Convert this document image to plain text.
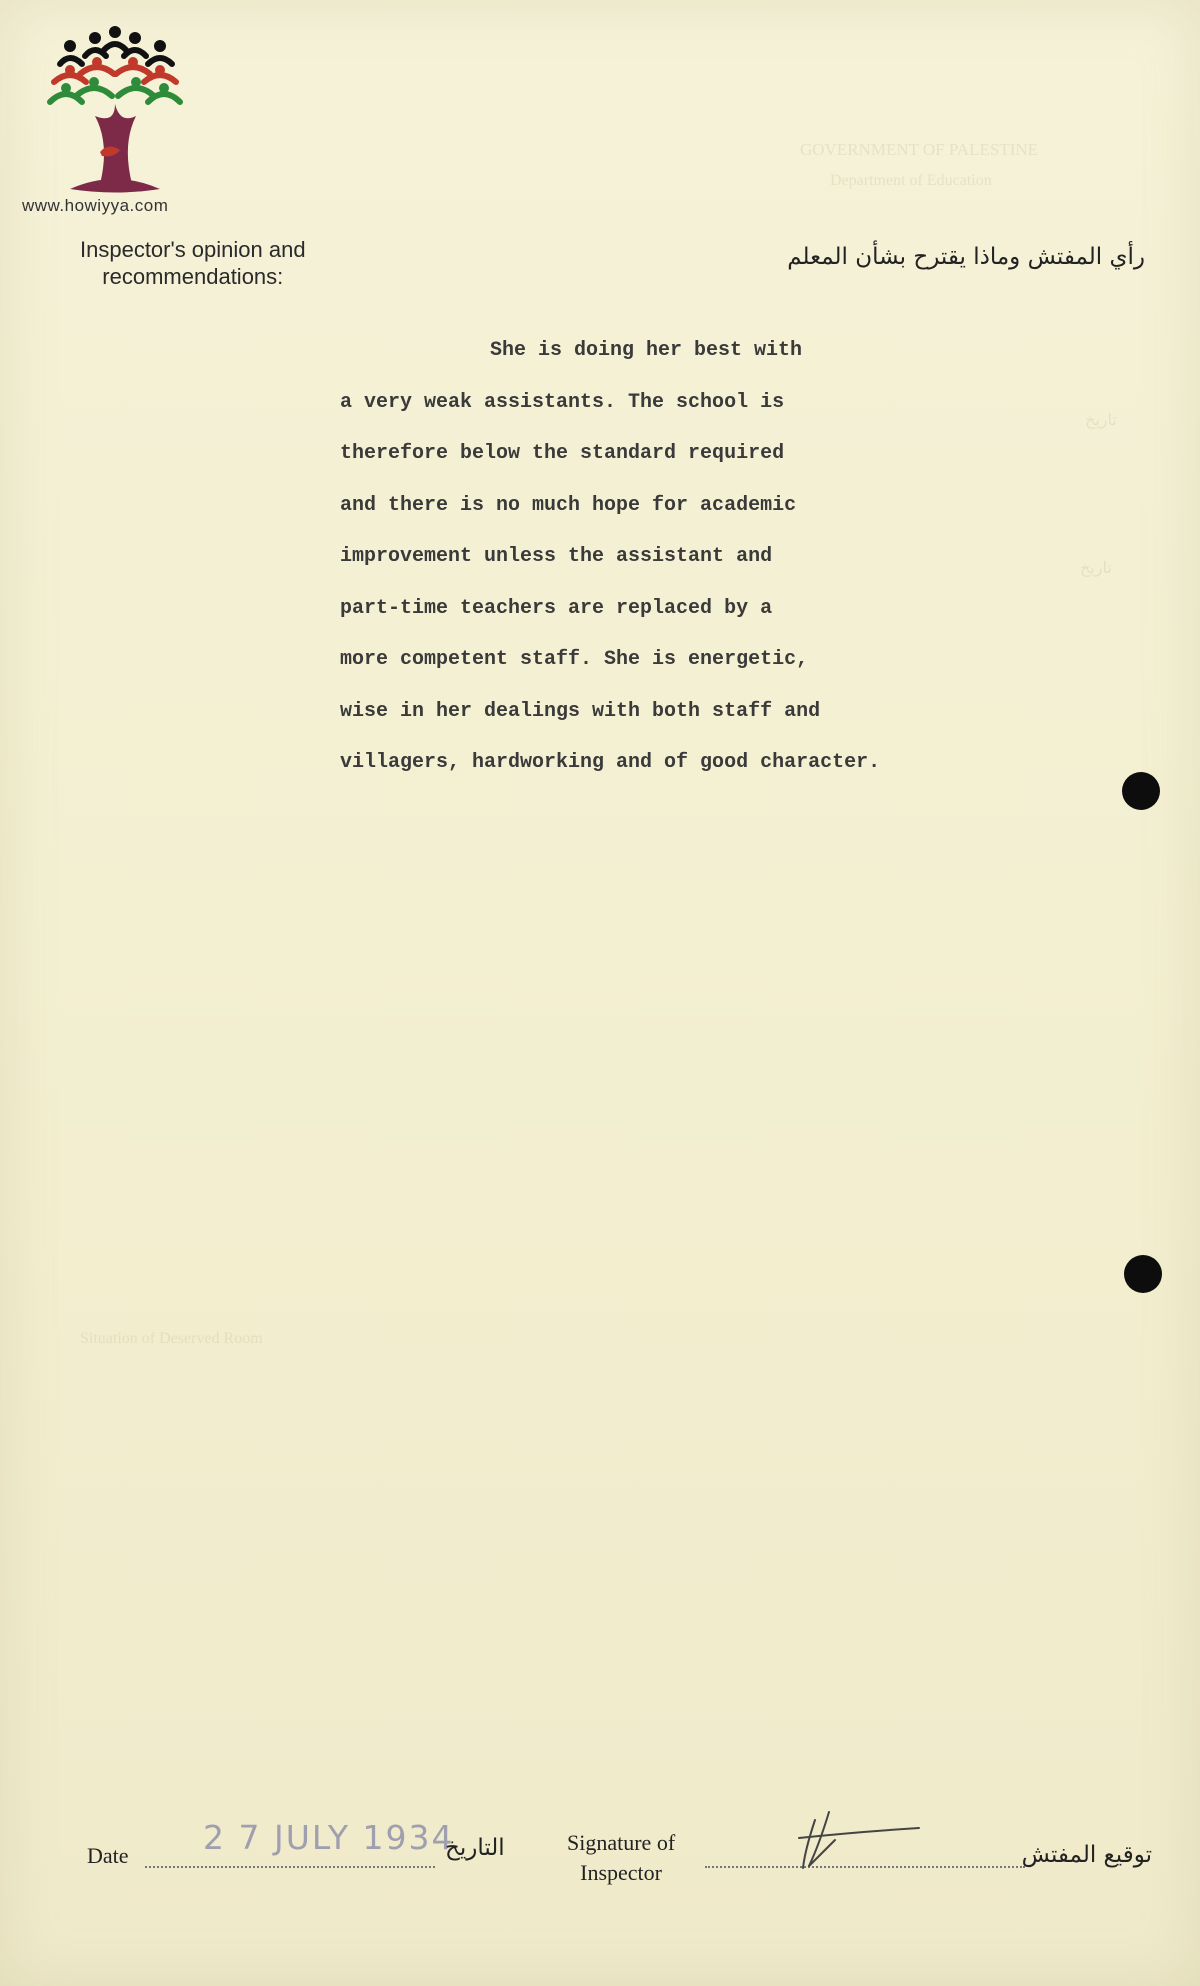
www.howiyya.com
GOVERNMENT OF PALESTINE
Department of Education
تاريخ
تاريخ
Situation of Deserved Room
Inspector's opinion and
recommendations:
رأي المفتش وماذا يقترح بشأن المعلم
She is doing her best with
a very weak assistants. The school is
therefore below the standard required
and there is no much hope for academic
improvement unless the assistant and
part-time teachers are replaced by a
more competent staff. She is energetic,
wise in her dealings with both staff and
villagers, hardworking and of good character.
Date 2 7 JULY 1934
التاريخ	Signature of
Inspector
توقيع المفتش
